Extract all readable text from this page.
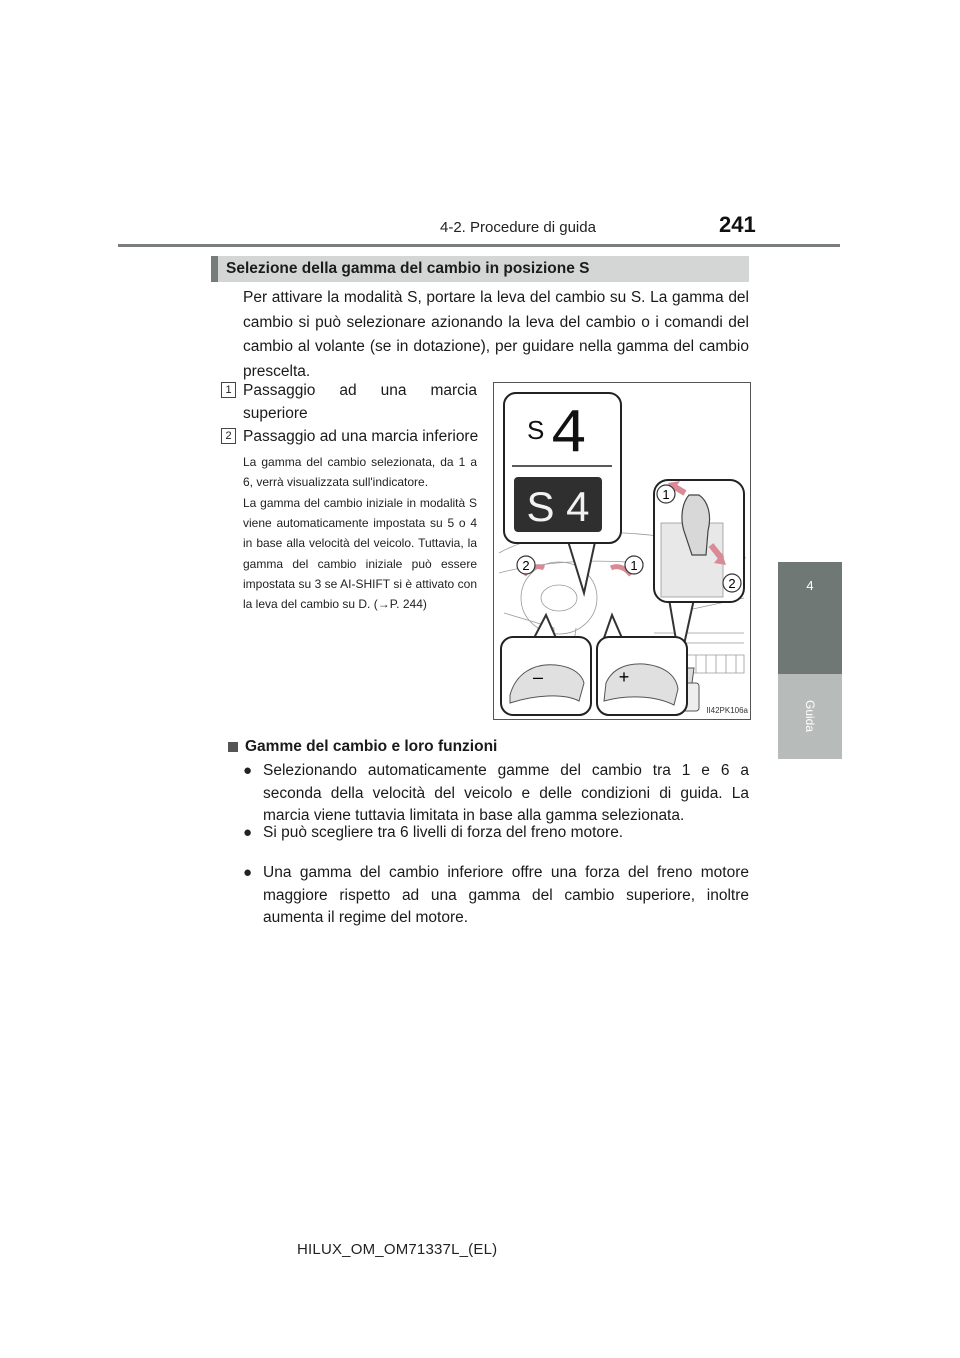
4-2. Procedure di guida	241
4
Guida
Selezione della gamma del cambio in posizione S
Per attivare la modalità S, portare la leva del cambio su S. La gamma del cambio si può selezionare azionando la leva del cambio o i comandi del cambio al volante (se in dotazione), per guidare nella gamma del cambio prescelta.
1 Passaggio ad una marcia superiore
2 Passaggio ad una marcia inferiore
La gamma del cambio selezionata, da 1 a 6, verrà visualizzata sull'indicatore.
La gamma del cambio iniziale in modalità S viene automaticamente impostata su 5 o 4 in base alla velocità del veicolo. Tuttavia, la gamma del cambio iniziale può essere impostata su 3 se AI-SHIFT si è attivato con la leva del cambio su D. (→P. 244)
S 4
S 4	1
2
2	1
–	+
II42PK106a
Gamme del cambio e loro funzioni
● Selezionando automaticamente gamme del cambio tra 1 e 6 a seconda della velocità del veicolo e delle condizioni di guida. La marcia viene tuttavia limitata in base alla gamma selezionata.
● Si può scegliere tra 6 livelli di forza del freno motore.
● Una gamma del cambio inferiore offre una forza del freno motore maggiore rispetto ad una gamma del cambio superiore, inoltre aumenta il regime del motore.
HILUX_OM_OM71337L_(EL)
